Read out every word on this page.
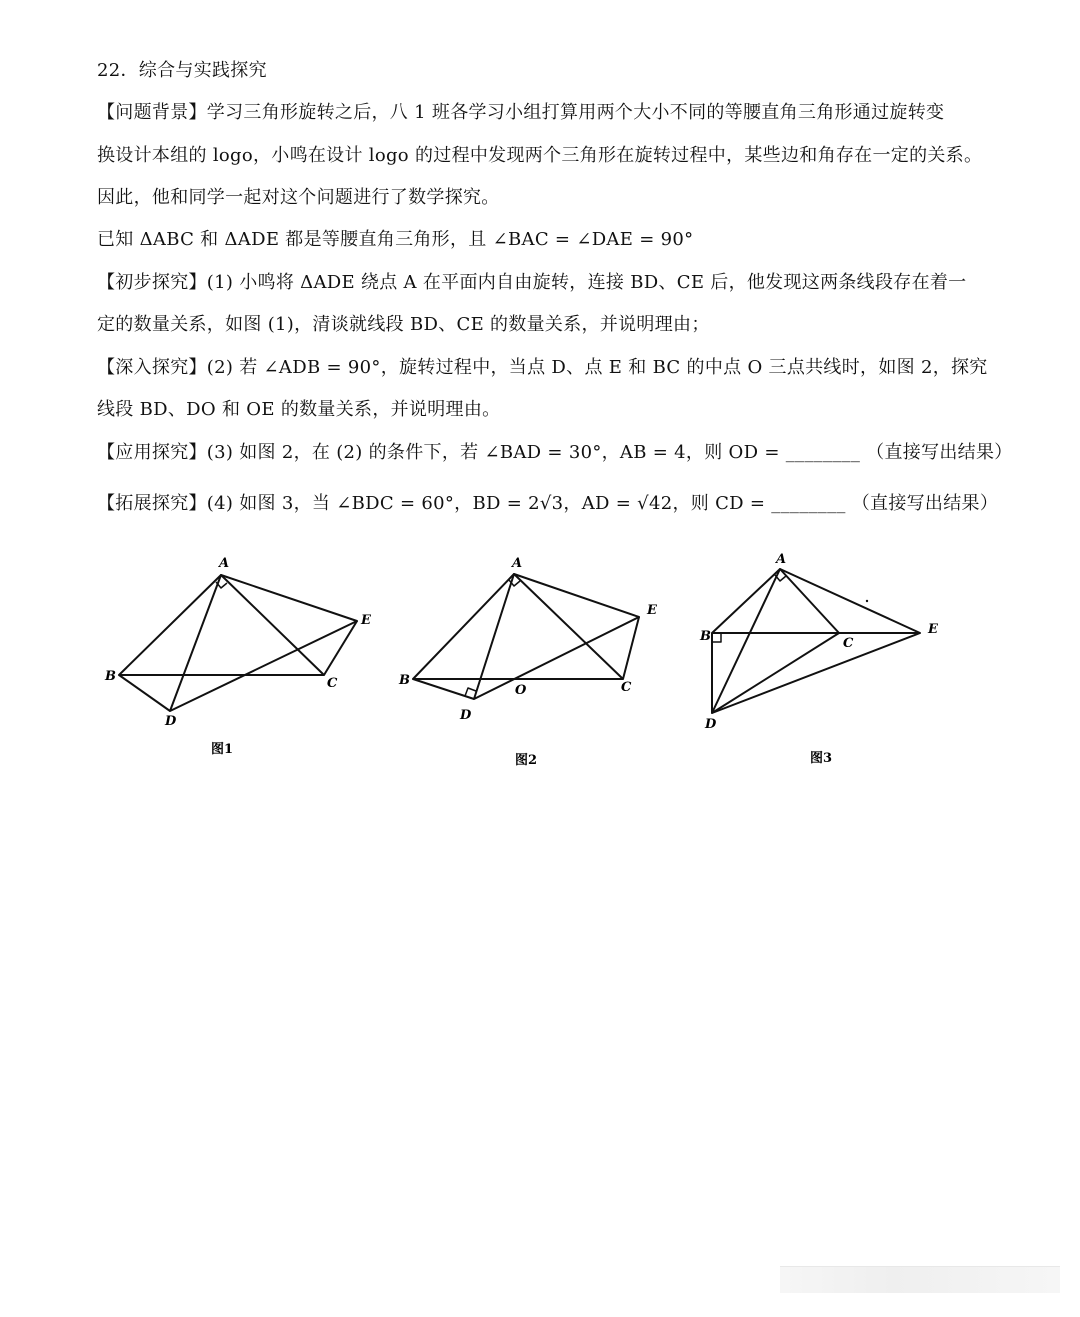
22．综合与实践探究
【问题背景】学习三角形旋转之后，八 1 班各学习小组打算用两个大小不同的等腰直角三角形通过旋转变
换设计本组的 logo，小鸣在设计 logo 的过程中发现两个三角形在旋转过程中，某些边和角存在一定的关系。
因此，他和同学一起对这个问题进行了数学探究。
已知 ΔABC 和 ΔADE 都是等腰直角三角形，且 ∠BAC = ∠DAE = 90°
【初步探究】(1) 小鸣将 ΔADE 绕点 A 在平面内自由旋转，连接 BD、CE 后，他发现这两条线段存在着一
定的数量关系，如图 (1)，清谈就线段 BD、CE 的数量关系，并说明理由；
【深入探究】(2) 若 ∠ADB = 90°，旋转过程中，当点 D、点 E 和 BC 的中点 O 三点共线时，如图 2，探究
线段 BD、DO 和 OE 的数量关系，并说明理由。
【应用探究】(3) 如图 2，在 (2) 的条件下，若 ∠BAD = 30°，AB = 4，则 OD = ________ （直接写出结果）
【拓展探究】(4) 如图 3，当 ∠BDC = 60°，BD = 2√3，AD = √42，则 CD = ________ （直接写出结果）
A
B	C
D
E
图1
A
B	C
D
E
O
图2
A
B	C
D
E
图3
